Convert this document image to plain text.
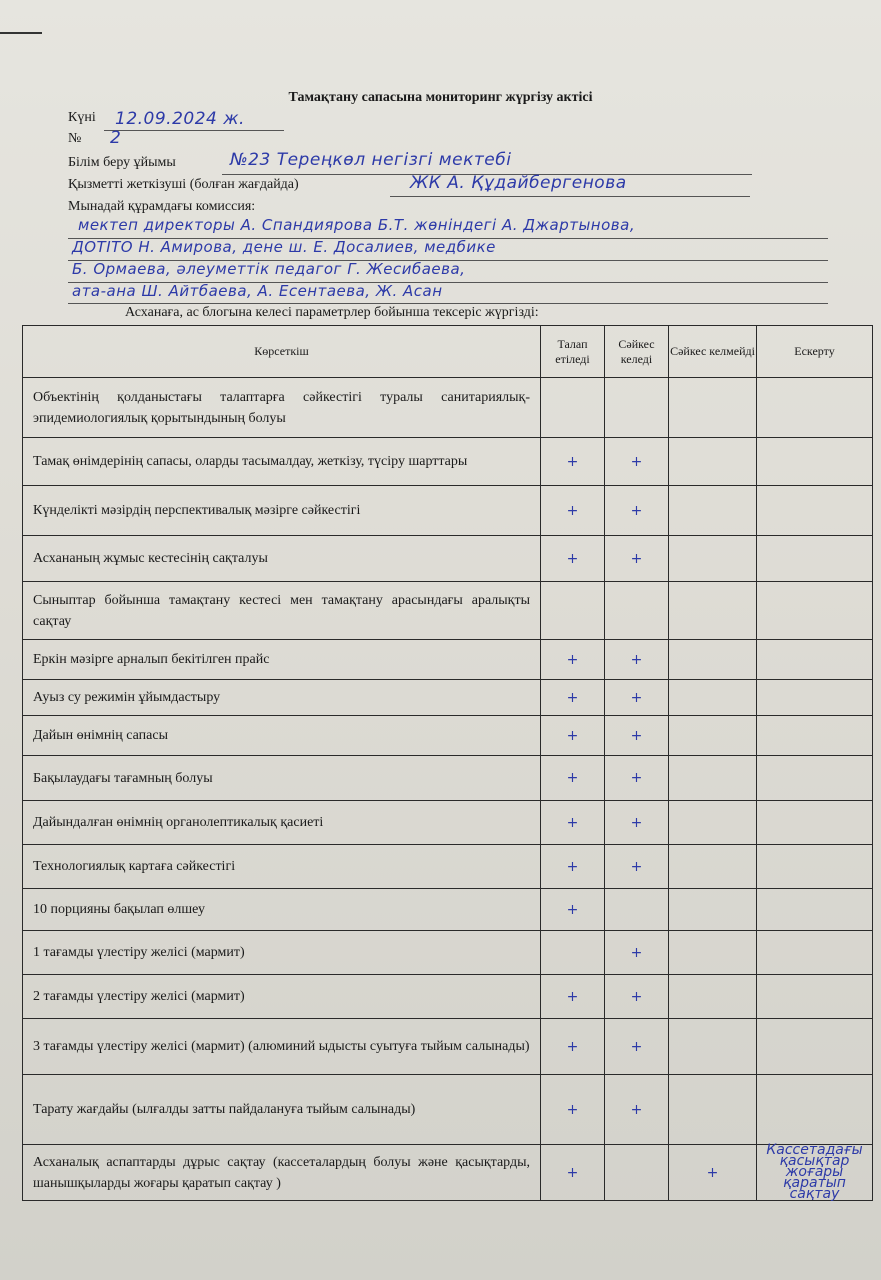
Тамақтану сапасына мониторинг жүргізу актісі
Күні 12.09.2024 ж.
№ 2
Білім беру ұйымы	№23 Тереңкөл негізгі мектебі
Қызметті жеткізуші (болған жағдайда)	ЖК А. Құдайбергенова
Мынадай құрамдағы комиссия:
мектеп директоры А. Спандиярова Б.Т. жөніндегі А. Джартынова,
ДОТІТО Н. Амирова, дене ш. Е. Досалиев, медбике
Б. Ормаева, әлеуметтік педагог Г. Жесибаева,
ата-ана Ш. Айтбаева, А. Есентаева, Ж. Асан
Асханаға, ас блогына келесі параметрлер бойынша тексеріс жүргізді:
Көрсеткіш	Талап етіледі	Сәйкес келеді	Сәйкес келмейді	Ескерту
Объектінің қолданыстағы талаптарға сәйкестігі туралы санитариялық-эпидемиологиялық қорытындының болуы				
Тамақ өнімдерінің сапасы, оларды тасымалдау, жеткізу, түсіру шарттары	+	+		
Күнделікті мәзірдің перспективалық мәзірге сәйкестігі	+	+		
Асхананың жұмыс кестесінің сақталуы	+	+		
Сыныптар бойынша тамақтану кестесі мен тамақтану арасындағы аралықты сақтау				
Еркін мәзірге арналып бекітілген прайс	+	+		
Ауыз су режимін ұйымдастыру	+	+		
Дайын өнімнің сапасы	+	+		
Бақылаудағы тағамның болуы	+	+		
Дайындалған өнімнің органолептикалық қасиеті	+	+		
Технологиялық картаға сәйкестігі	+	+		
10 порцияны бақылап өлшеу	+			
1 тағамды үлестіру желісі (мармит)		+		
2 тағамды үлестіру желісі (мармит)	+	+		
3 тағамды үлестіру желісі (мармит) (алюминий ыдысты суытуға тыйым салынады)	+	+		
Тарату жағдайы (ылғалды затты пайдалануға тыйым салынады)	+	+		
Асханалық аспаптарды дұрыс сақтау (кассеталардың болуы және қасықтарды, шанышқыларды жоғары қаратып сақтау )	+		+	Кассетадағы қасықтар жоғары қаратып сақтау
